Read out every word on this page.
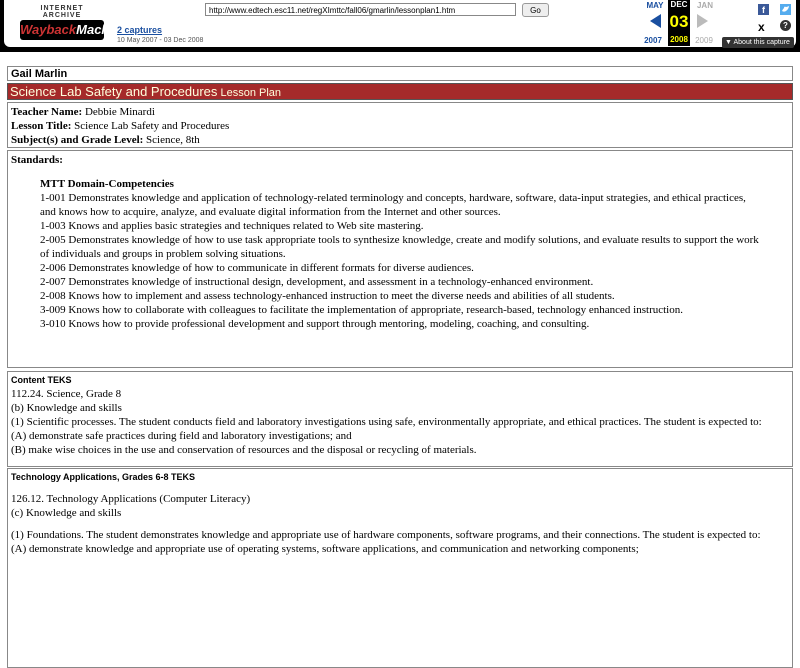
INTERNET ARCHIVE
WaybackMachine
http://www.edtech.esc11.net/regXImttc/fall06/gmarlin/lessonplan1.htm	Go
2 captures
10 May 2007 - 03 Dec 2008
MAY DEC	JAN
03
2007	2008 2009
f
x	?
▼ About this capture
Gail Marlin
Science Lab Safety and Procedures Lesson Plan
Teacher Name: Debbie Minardi
Lesson Title: Science Lab Safety and Procedures
Subject(s) and Grade Level: Science, 8th
Standards:
MTT Domain-Competencies
1-001 Demonstrates knowledge and application of technology-related terminology and concepts, hardware, software, data-input strategies, and ethical practices, and knows how to acquire, analyze, and evaluate digital information from the Internet and other sources.
1-003 Knows and applies basic strategies and techniques related to Web site mastering.
2-005 Demonstrates knowledge of how to use task appropriate tools to synthesize knowledge, create and modify solutions, and evaluate results to support the work of individuals and groups in problem solving situations.
2-006 Demonstrates knowledge of how to communicate in different formats for diverse audiences.
2-007 Demonstrates knowledge of instructional design, development, and assessment in a technology-enhanced environment.
2-008 Knows how to implement and assess technology-enhanced instruction to meet the diverse needs and abilities of all students.
3-009 Knows how to collaborate with colleagues to facilitate the implementation of appropriate, research-based, technology enhanced instruction.
3-010 Knows how to provide professional development and support through mentoring, modeling, coaching, and consulting.
Content TEKS
112.24. Science, Grade 8
(b) Knowledge and skills
(1) Scientific processes. The student conducts field and laboratory investigations using safe, environmentally appropriate, and ethical practices. The student is expected to:
(A) demonstrate safe practices during field and laboratory investigations; and
(B) make wise choices in the use and conservation of resources and the disposal or recycling of materials.
Technology Applications, Grades 6-8 TEKS
126.12. Technology Applications (Computer Literacy)
(c) Knowledge and skills
(1) Foundations. The student demonstrates knowledge and appropriate use of hardware components, software programs, and their connections. The student is expected to:
(A) demonstrate knowledge and appropriate use of operating systems, software applications, and communication and networking components;
